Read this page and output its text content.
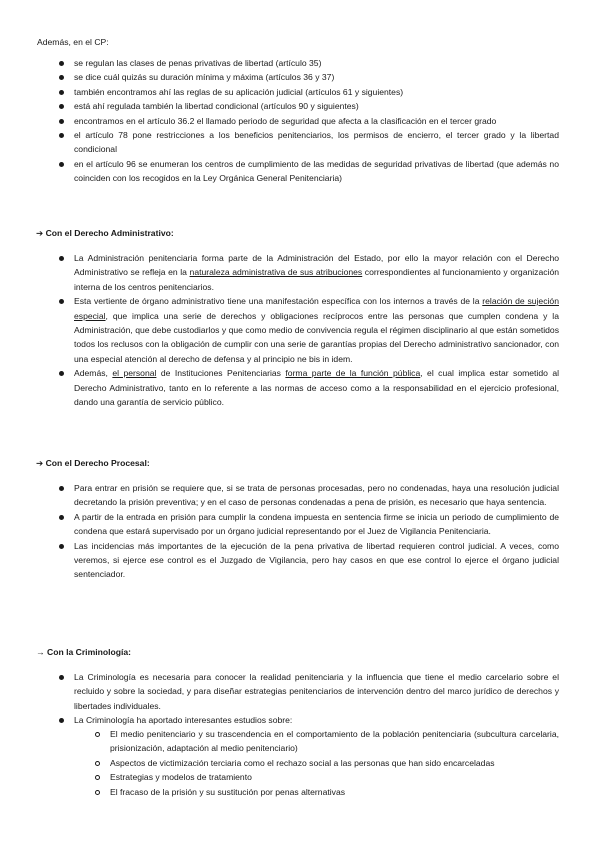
Además, en el CP:
se regulan las clases de penas privativas de libertad (artículo 35)
se dice cuál quizás su duración mínima y máxima (artículos 36 y 37)
también encontramos ahí las reglas de su aplicación judicial (artículos 61 y siguientes)
está ahí regulada también la libertad condicional (artículos 90 y siguientes)
encontramos en el artículo 36.2 el llamado periodo de seguridad que afecta a la clasificación en el tercer grado
el artículo 78 pone restricciones a los beneficios penitenciarios, los permisos de encierro, el tercer grado y la libertad condicional
en el artículo 96 se enumeran los centros de cumplimiento de las medidas de seguridad privativas de libertad (que además no coinciden con los recogidos en la Ley Orgánica General Penitenciaria)
➔ Con el Derecho Administrativo:
La Administración penitenciaria forma parte de la Administración del Estado, por ello la mayor relación con el Derecho Administrativo se refleja en la naturaleza administrativa de sus atribuciones correspondientes al funcionamiento y organización interna de los centros penitenciarios.
Esta vertiente de órgano administrativo tiene una manifestación específica con los internos a través de la relación de sujeción especial, que implica una serie de derechos y obligaciones recíprocos entre las personas que cumplen condena y la Administración, que debe custodiarlos y que como medio de convivencia regula el régimen disciplinario al que están sometidos todos los reclusos con la obligación de cumplir con una serie de garantías propias del Derecho administrativo sancionador, con una especial atención al derecho de defensa y al principio ne bis in idem.
Además, el personal de Instituciones Penitenciarias forma parte de la función pública, el cual implica estar sometido al Derecho Administrativo, tanto en lo referente a las normas de acceso como a la responsabilidad en el ejercicio profesional, dando una garantía de servicio público.
➔ Con el Derecho Procesal:
Para entrar en prisión se requiere que, si se trata de personas procesadas, pero no condenadas, haya una resolución judicial decretando la prisión preventiva; y en el caso de personas condenadas a pena de prisión, es necesario que haya sentencia.
A partir de la entrada en prisión para cumplir la condena impuesta en sentencia firme se inicia un periodo de cumplimiento de condena que estará supervisado por un órgano judicial representando por el Juez de Vigilancia Penitenciaria.
Las incidencias más importantes de la ejecución de la pena privativa de libertad requieren control judicial. A veces, como veremos, si ejerce ese control es el Juzgado de Vigilancia, pero hay casos en que ese control lo ejerce el órgano judicial sentenciador.
→ Con la Criminología:
La Criminología es necesaria para conocer la realidad penitenciaria y la influencia que tiene el medio carcelario sobre el recluido y sobre la sociedad, y para diseñar estrategias penitenciarios de intervención dentro del marco jurídico de derechos y libertades individuales.
La Criminología ha aportado interesantes estudios sobre:
El medio penitenciario y su trascendencia en el comportamiento de la población penitenciaria (subcultura carcelaria, prisionización, adaptación al medio penitenciario)
Aspectos de victimización terciaria como el rechazo social a las personas que han sido encarceladas
Estrategias y modelos de tratamiento
El fracaso de la prisión y su sustitución por penas alternativas
